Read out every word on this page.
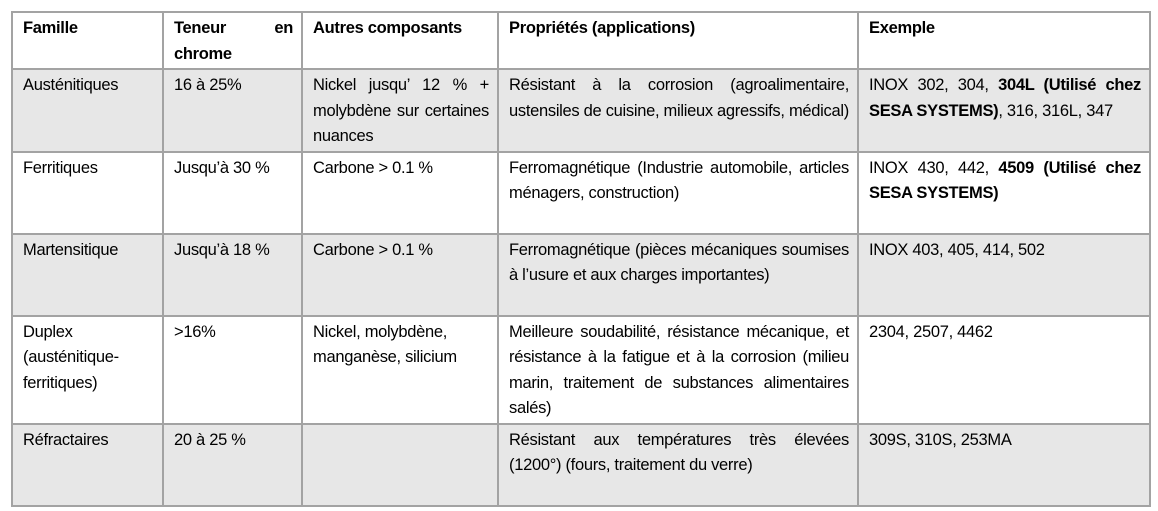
Famille	Teneur en chrome	Autres composants	Propriétés (applications)	Exemple
Austénitiques	16 à 25%	Nickel jusqu’ 12 % + molybdène sur certaines nuances	Résistant à la corrosion (agroalimentaire, ustensiles de cuisine, milieux agressifs, médical)	INOX 302, 304, 304L (Utilisé chez SESA SYSTEMS), 316, 316L, 347
Ferritiques	Jusqu’à 30 %	Carbone > 0.1 %	Ferromagnétique (Industrie automobile, articles ménagers, construction)	INOX 430, 442, 4509 (Utilisé chez SESA SYSTEMS)
Martensitique	Jusqu’à 18 %	Carbone > 0.1 %	Ferromagnétique (pièces mécaniques soumises à l’usure et aux charges importantes)	INOX 403, 405, 414, 502
Duplex (austénitique-ferritiques)	>16%	Nickel, molybdène, manganèse, silicium	Meilleure soudabilité, résistance mécanique, et résistance à la fatigue et à la corrosion (milieu marin, traitement de substances alimentaires salés)	2304, 2507, 4462
Réfractaires	20 à 25 %		Résistant aux températures très élevées (1200°) (fours, traitement du verre)	309S, 310S, 253MA
